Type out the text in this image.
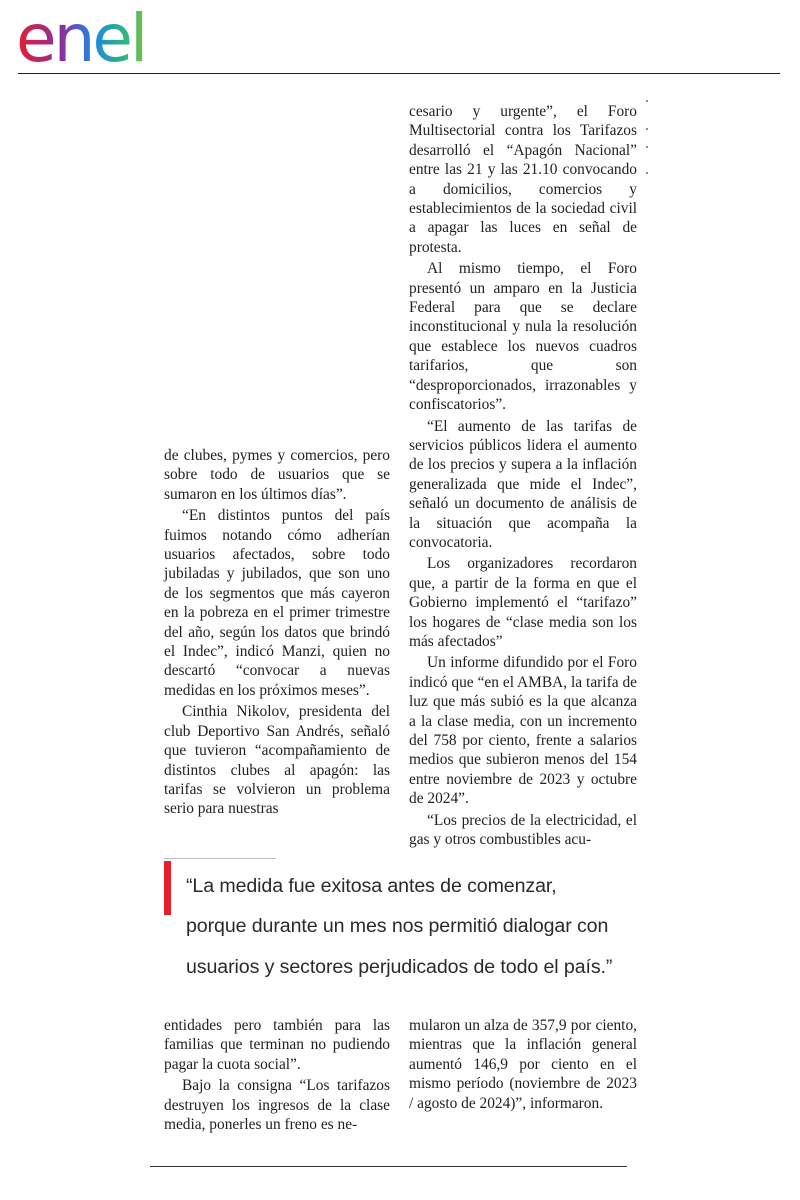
enel

de clubes, pymes y comercios, pero sobre todo de usuarios que se sumaron en los últimos días”.

“En distintos puntos del país fuimos notando cómo adherían usuarios afectados, sobre todo jubiladas y jubilados, que son uno de los segmentos que más cayeron en la pobreza en el primer trimestre del año, según los datos que brindó el Indec”, indicó Manzi, quien no descartó “convocar a nuevas medidas en los próximos meses”.

Cinthia Nikolov, presidenta del club Deportivo San Andrés, señaló que tuvieron “acompañamiento de distintos clubes al apagón: las tarifas se volvieron un problema serio para nuestras

cesario y urgente”, el Foro Multisectorial contra los Tarifazos desarrolló el “Apagón Nacional” entre las 21 y las 21.10 convocando a domicilios, comercios y establecimientos de la sociedad civil a apagar las luces en señal de protesta.

Al mismo tiempo, el Foro presentó un amparo en la Justicia Federal para que se declare inconstitucional y nula la resolución que establece los nuevos cuadros tarifarios, que son “desproporcionados, irrazonables y confiscatorios”.

“El aumento de las tarifas de servicios públicos lidera el aumento de los precios y supera a la inflación generalizada que mide el Indec”, señaló un documento de análisis de la situación que acompaña la convocatoria.

Los organizadores recordaron que, a partir de la forma en que el Gobierno implementó el “tarifazo” los hogares de “clase media son los más afectados”

Un informe difundido por el Foro indicó que “en el AMBA, la tarifa de luz que más subió es la que alcanza a la clase media, con un incremento del 758 por ciento, frente a salarios medios que subieron menos del 154 entre noviembre de 2023 y octubre de 2024”.

“Los precios de la electricidad, el gas y otros combustibles acu-

“La medida fue exitosa antes de comenzar,
porque durante un mes nos permitió dialogar con
usuarios y sectores perjudicados de todo el país.”

entidades pero también para las familias que terminan no pudiendo pagar la cuota social”.

Bajo la consigna “Los tarifazos destruyen los ingresos de la clase media, ponerles un freno es ne-

mularon un alza de 357,9 por ciento, mientras que la inflación general aumentó 146,9 por ciento en el mismo período (noviembre de 2023 / agosto de 2024)”, informaron.
